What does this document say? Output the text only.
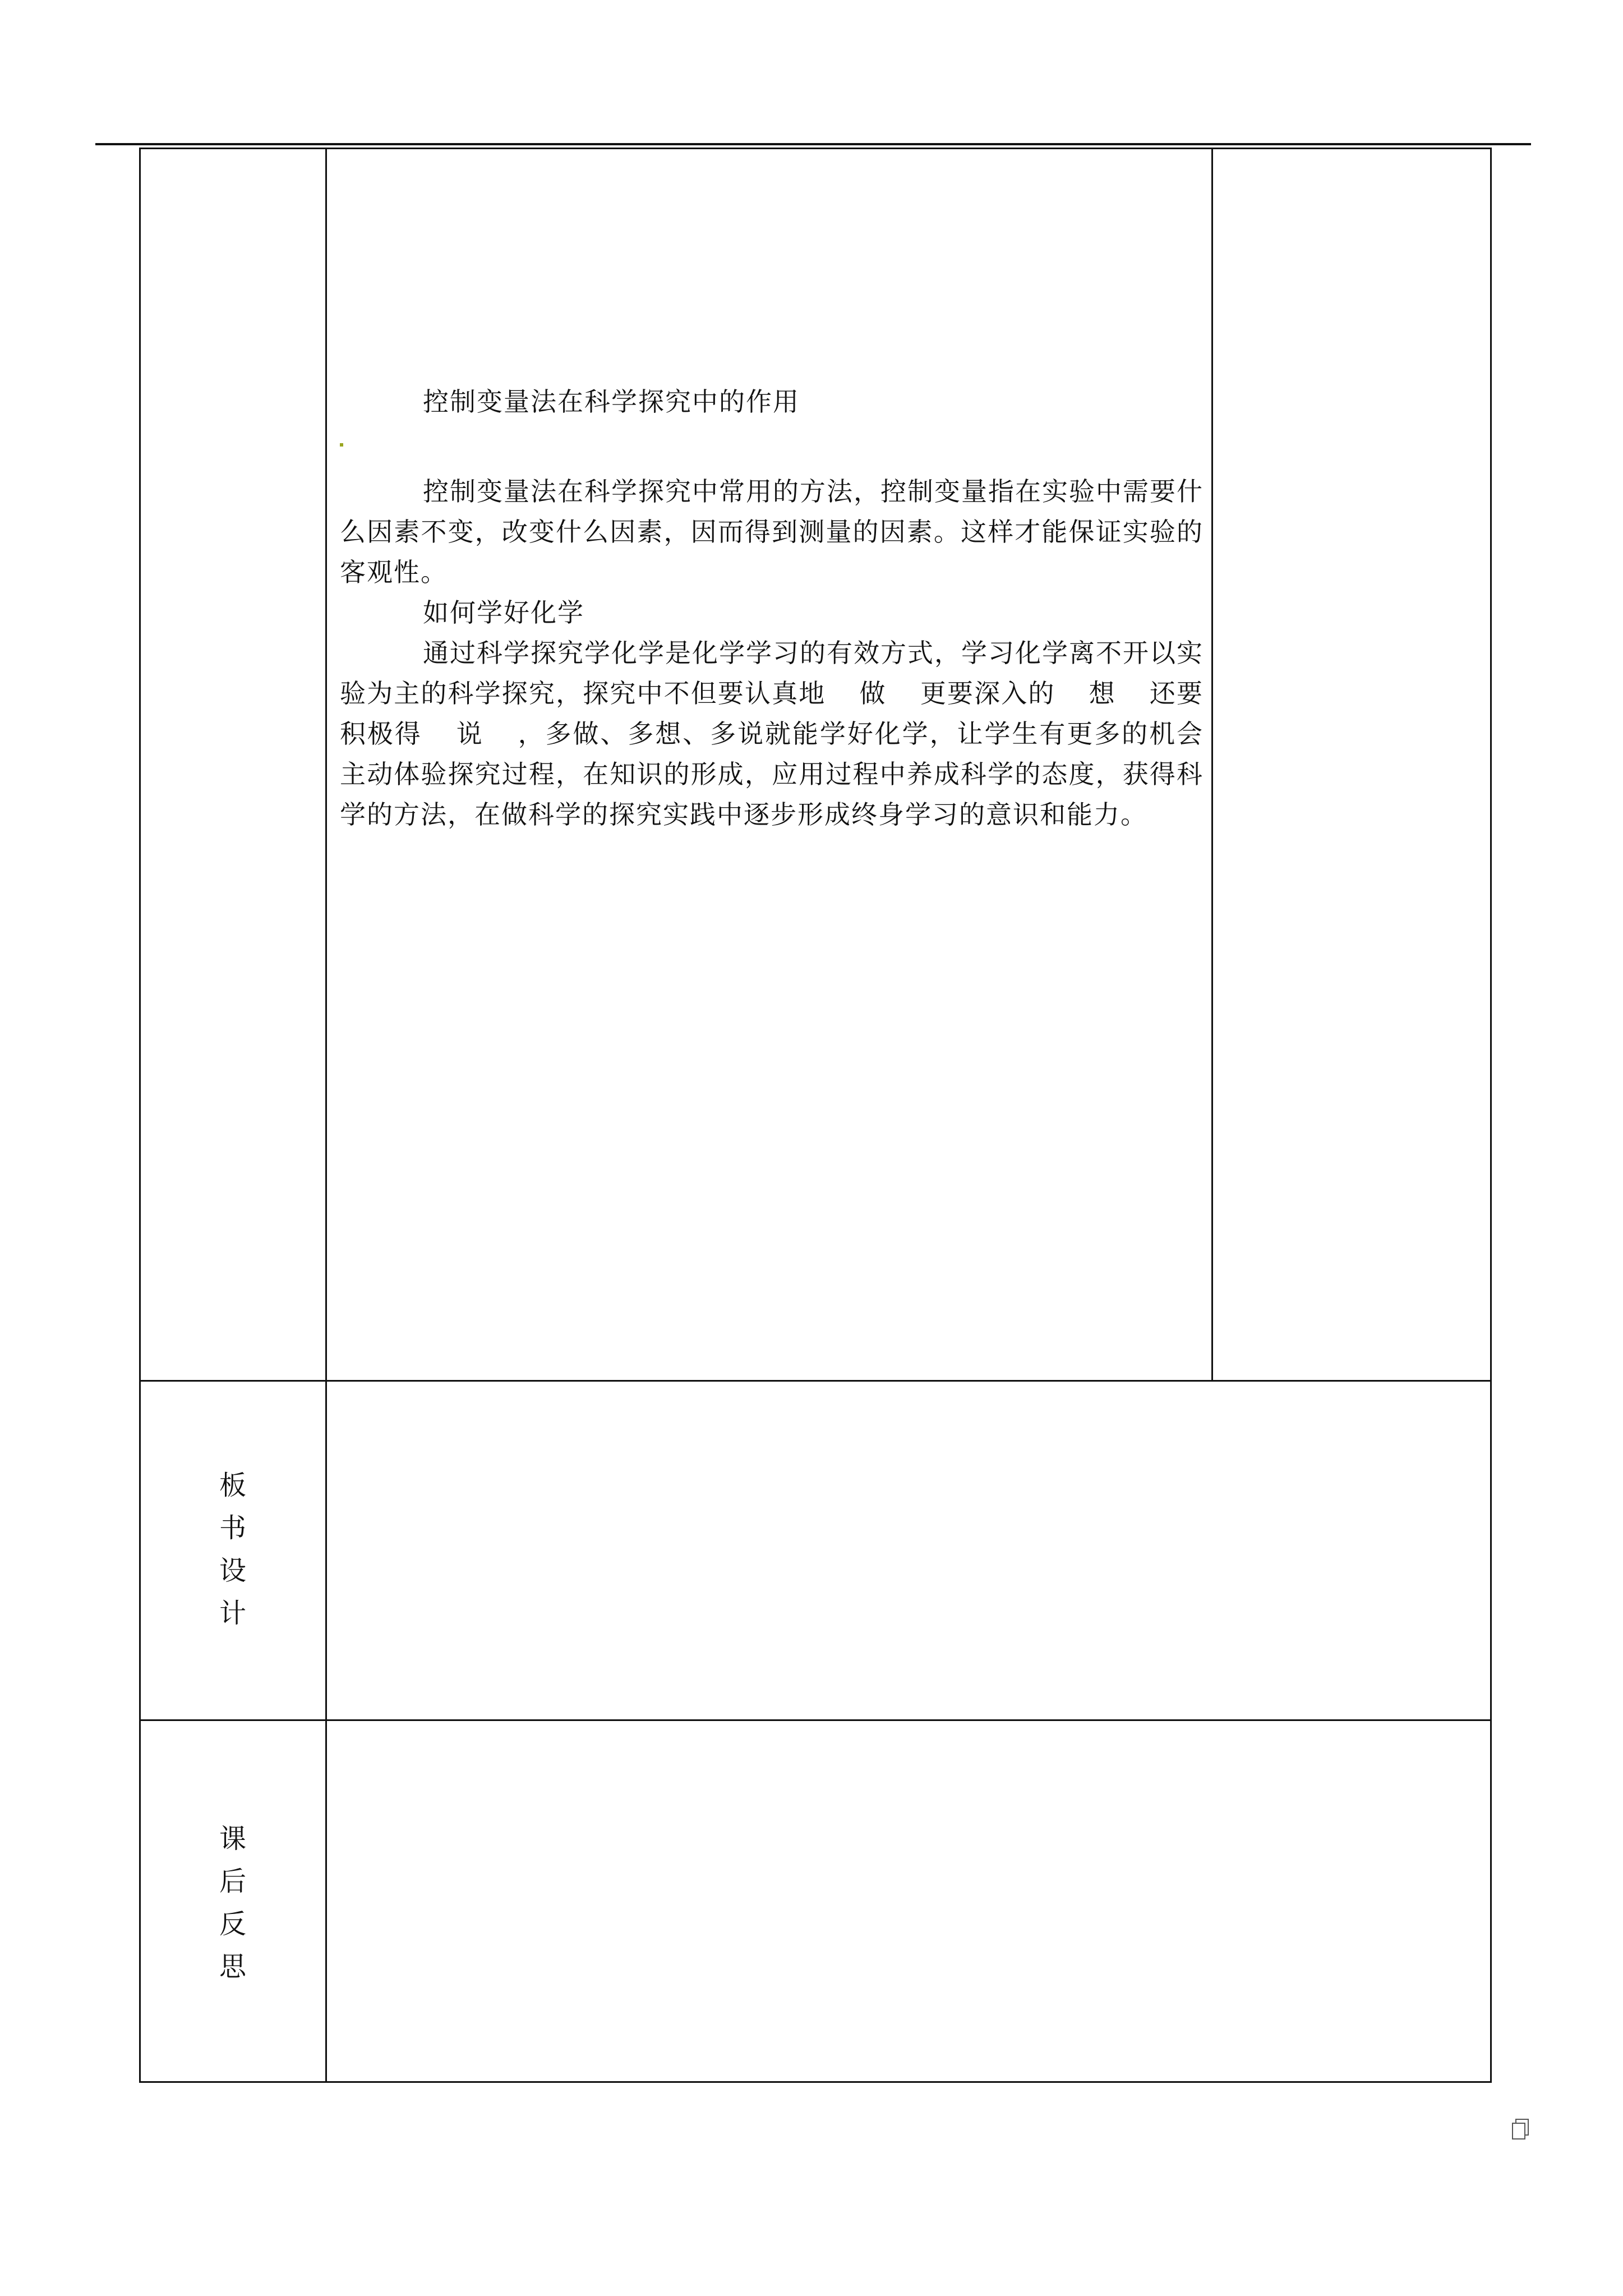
控制变量法在科学探究中的作用

控制变量法在科学探究中常用的方法，控制变量指在实验中需要什么因素不变，改变什么因素，因而得到测量的因素。这样才能保证实验的客观性。

如何学好化学

通过科学探究学化学是化学学习的有效方式，学习化学离不开以实验为主的科学探究，探究中不但要认真地 做 更要深入的 想 还要积极得 说 ，多做、多想、多说就能学好化学，让学生有更多的机会主动体验探究过程，在知识的形成，应用过程中养成科学的态度，获得科学的方法，在做科学的探究实践中逐步形成终身学习的意识和能力。

板
书
设
计
课
后
反
思
